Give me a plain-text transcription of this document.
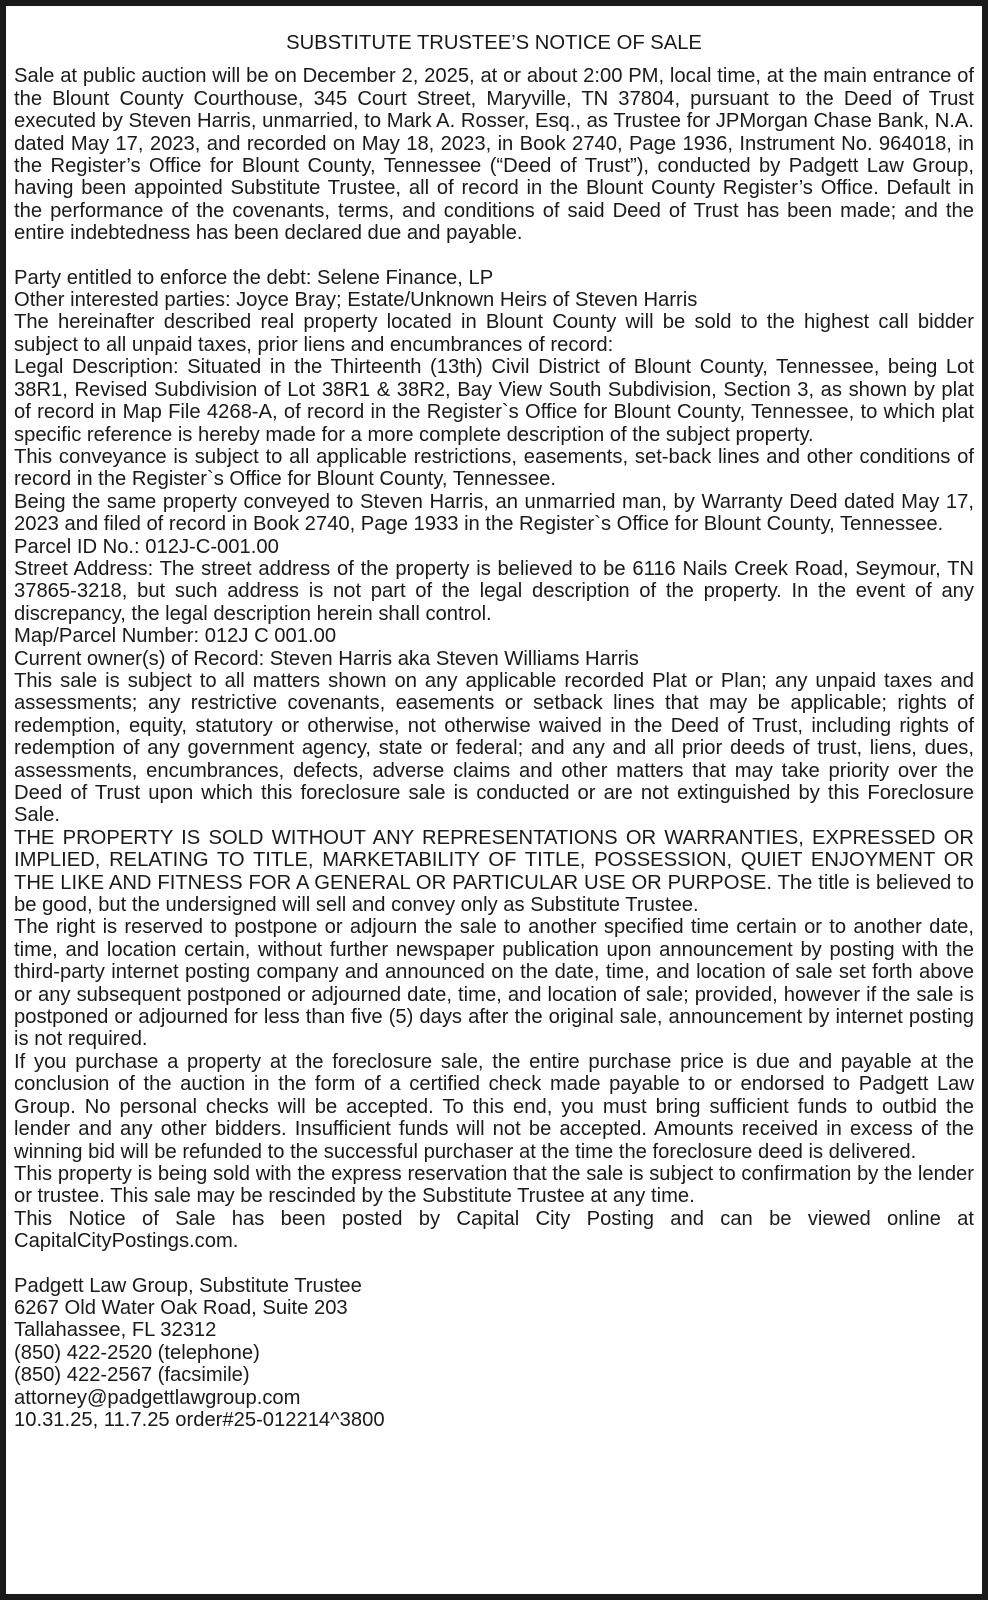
SUBSTITUTE TRUSTEE’S NOTICE OF SALE

Sale at public auction will be on December 2, 2025, at or about 2:00 PM, local time, at the main entrance of the Blount County Courthouse, 345 Court Street, Maryville, TN 37804, pursuant to the Deed of Trust executed by Steven Harris, unmarried, to Mark A. Rosser, Esq., as Trustee for JPMorgan Chase Bank, N.A. dated May 17, 2023, and recorded on May 18, 2023, in Book 2740, Page 1936, Instrument No. 964018, in the Register’s Office for Blount County, Tennessee (“Deed of Trust”), conducted by Padgett Law Group, having been appointed Substitute Trustee, all of record in the Blount County Register’s Office. Default in the performance of the covenants, terms, and conditions of said Deed of Trust has been made; and the entire indebtedness has been declared due and payable.

Party entitled to enforce the debt: Selene Finance, LP

Other interested parties: Joyce Bray; Estate/Unknown Heirs of Steven Harris

The hereinafter described real property located in Blount County will be sold to the highest call bidder subject to all unpaid taxes, prior liens and encumbrances of record:

Legal Description: Situated in the Thirteenth (13th) Civil District of Blount County, Tennessee, being Lot 38R1, Revised Subdivision of Lot 38R1 & 38R2, Bay View South Subdivision, Section 3, as shown by plat of record in Map File 4268-A, of record in the Register`s Office for Blount County, Tennessee, to which plat specific reference is hereby made for a more complete description of the subject property.

This conveyance is subject to all applicable restrictions, easements, set-back lines and other conditions of record in the Register`s Office for Blount County, Tennessee.

Being the same property conveyed to Steven Harris, an unmarried man, by Warranty Deed dated May 17, 2023 and filed of record in Book 2740, Page 1933 in the Register`s Office for Blount County, Tennessee.

Parcel ID No.: 012J-C-001.00

Street Address: The street address of the property is believed to be 6116 Nails Creek Road, Seymour, TN 37865-3218, but such address is not part of the legal description of the property. In the event of any discrepancy, the legal description herein shall control.

Map/Parcel Number: 012J C 001.00

Current owner(s) of Record: Steven Harris aka Steven Williams Harris

This sale is subject to all matters shown on any applicable recorded Plat or Plan; any unpaid taxes and assessments; any restrictive covenants, easements or setback lines that may be applicable; rights of redemption, equity, statutory or otherwise, not otherwise waived in the Deed of Trust, including rights of redemption of any government agency, state or federal; and any and all prior deeds of trust, liens, dues, assessments, encumbrances, defects, adverse claims and other matters that may take priority over the Deed of Trust upon which this foreclosure sale is conducted or are not extinguished by this Foreclosure Sale.

THE PROPERTY IS SOLD WITHOUT ANY REPRESENTATIONS OR WARRANTIES, EXPRESSED OR IMPLIED, RELATING TO TITLE, MARKETABILITY OF TITLE, POSSESSION, QUIET ENJOYMENT OR THE LIKE AND FITNESS FOR A GENERAL OR PARTICULAR USE OR PURPOSE. The title is believed to be good, but the undersigned will sell and convey only as Substitute Trustee.

The right is reserved to postpone or adjourn the sale to another specified time certain or to another date, time, and location certain, without further newspaper publication upon announcement by posting with the third-party internet posting company and announced on the date, time, and location of sale set forth above or any subsequent postponed or adjourned date, time, and location of sale; provided, however if the sale is postponed or adjourned for less than five (5) days after the original sale, announcement by internet posting is not required.

If you purchase a property at the foreclosure sale, the entire purchase price is due and payable at the conclusion of the auction in the form of a certified check made payable to or endorsed to Padgett Law Group. No personal checks will be accepted. To this end, you must bring sufficient funds to outbid the lender and any other bidders. Insufficient funds will not be accepted. Amounts received in excess of the winning bid will be refunded to the successful purchaser at the time the foreclosure deed is delivered.

This property is being sold with the express reservation that the sale is subject to confirmation by the lender or trustee. This sale may be rescinded by the Substitute Trustee at any time.

This Notice of Sale has been posted by Capital City Posting and can be viewed online at CapitalCityPostings.com.

Padgett Law Group, Substitute Trustee

6267 Old Water Oak Road, Suite 203

Tallahassee, FL 32312

(850) 422-2520 (telephone)

(850) 422-2567 (facsimile)

attorney@padgettlawgroup.com

10.31.25, 11.7.25 order#25-012214^3800
